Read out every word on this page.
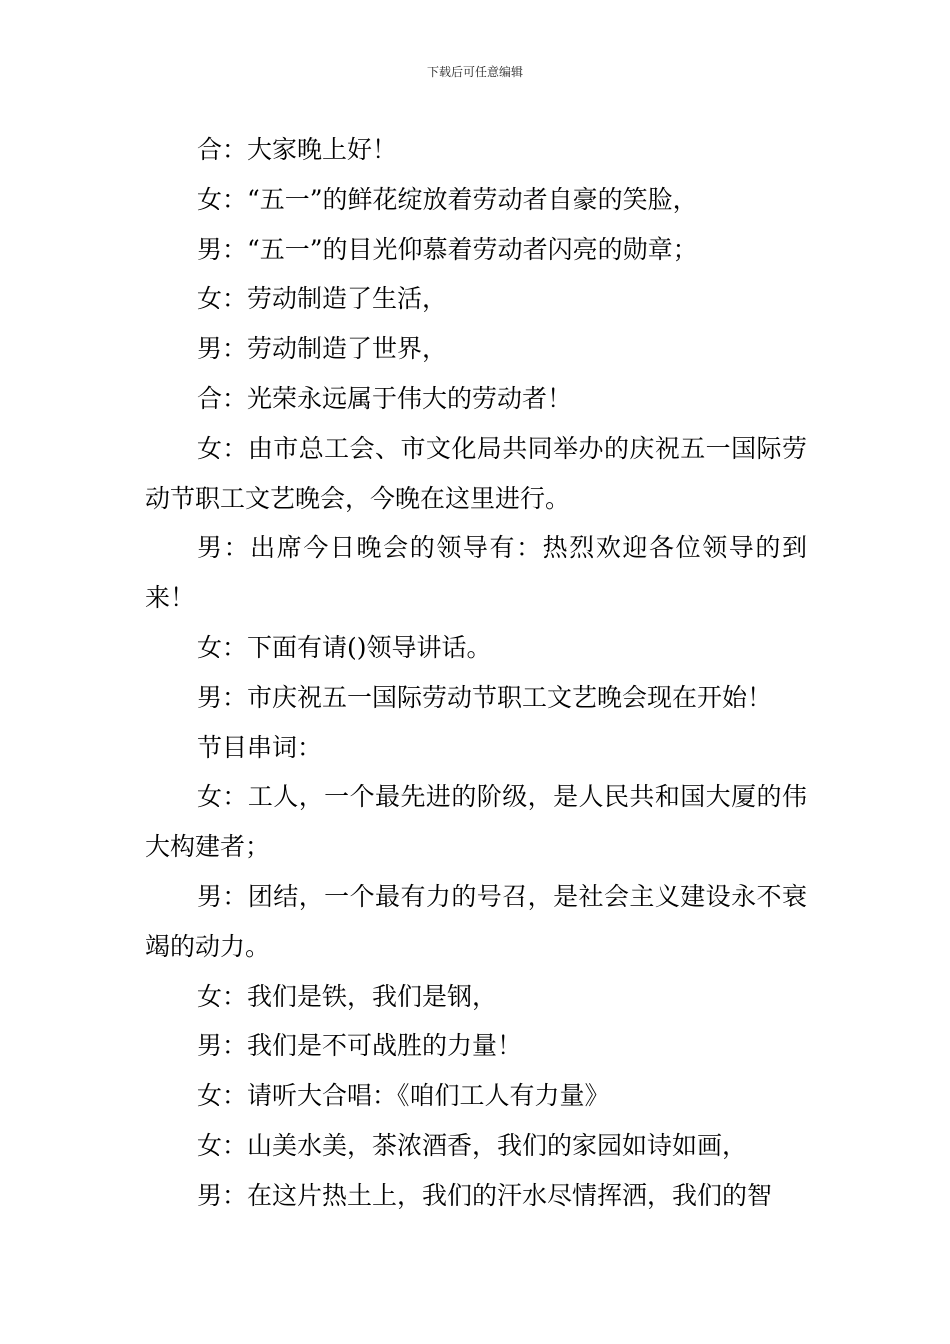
下载后可任意编辑

合：大家晚上好！

女：“五一”的鲜花绽放着劳动者自豪的笑脸，

男：“五一”的目光仰慕着劳动者闪亮的勋章；

女：劳动制造了生活，

男：劳动制造了世界，

合：光荣永远属于伟大的劳动者！

女：由市总工会、市文化局共同举办的庆祝五一国际劳动节职工文艺晚会，今晚在这里进行。

男：出席今日晚会的领导有：热烈欢迎各位领导的到来！

女：下面有请()领导讲话。

男：市庆祝五一国际劳动节职工文艺晚会现在开始！

节目串词：

女：工人，一个最先进的阶级，是人民共和国大厦的伟大构建者；

男：团结，一个最有力的号召，是社会主义建设永不衰竭的动力。

女：我们是铁，我们是钢，

男：我们是不可战胜的力量！

女：请听大合唱：《咱们工人有力量》

女：山美水美，茶浓酒香，我们的家园如诗如画，

男：在这片热土上，我们的汗水尽情挥洒，我们的智
